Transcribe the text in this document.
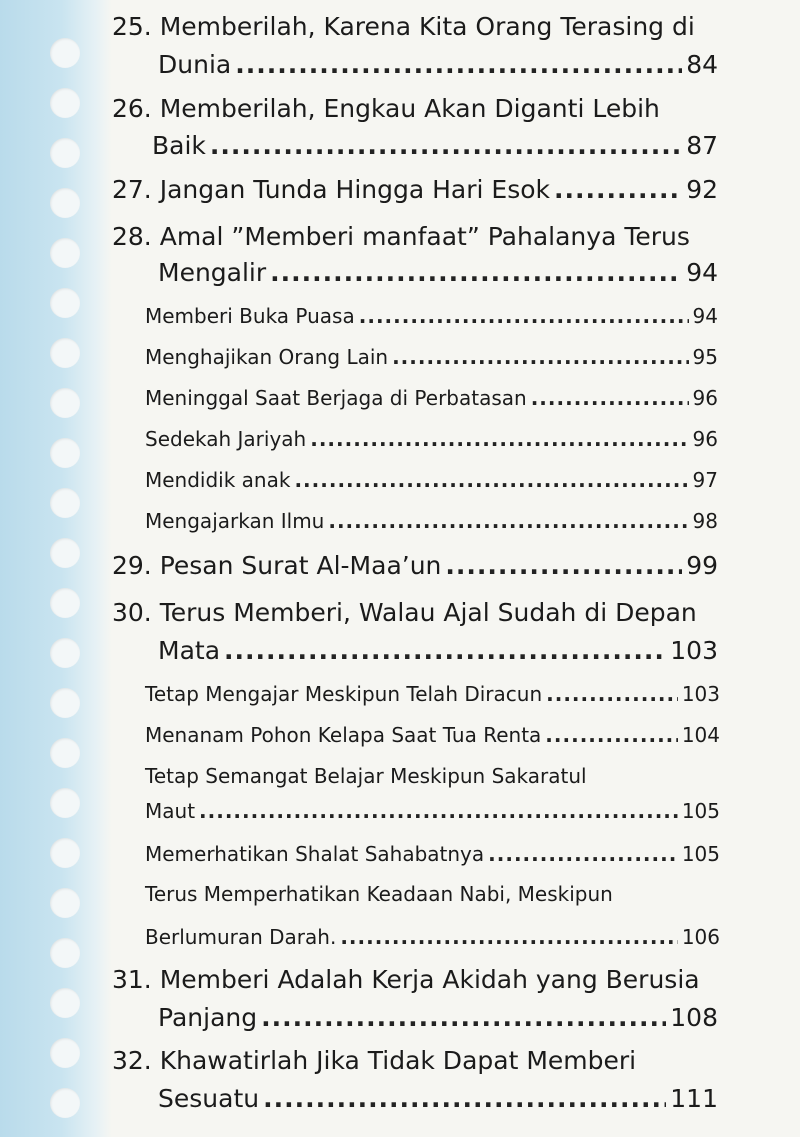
25.
Memberilah, Karena Kita Orang Terasing di
Dunia .....	84
26.
Memberilah, Engkau Akan Diganti Lebih
Baik .....	87
27.
Jangan Tunda Hingga Hari Esok .....	92
28.
Amal ”Memberi manfaat” Pahalanya Terus
Mengalir .....	94
Memberi Buka Puasa .....	94
Menghajikan Orang Lain .....	95
Meninggal Saat Berjaga di Perbatasan .....	96
Sedekah Jariyah .....	96
Mendidik anak .....	97
Mengajarkan Ilmu .....	98
29.
Pesan Surat Al-Maa’un .....	99
30.
Terus Memberi, Walau Ajal Sudah di Depan
Mata .....	103
Tetap Mengajar Meskipun Telah Diracun .....	103
Menanam Pohon Kelapa Saat Tua Renta .....	104
Tetap Semangat Belajar Meskipun Sakaratul
Maut .....	105
Memerhatikan Shalat Sahabatnya .....	105
Terus Memperhatikan Keadaan Nabi, Meskipun
Berlumuran Darah. .....	106
31.
Memberi Adalah Kerja Akidah yang Berusia
Panjang .....	108
32.
Khawatirlah Jika Tidak Dapat Memberi
Sesuatu .....	111
